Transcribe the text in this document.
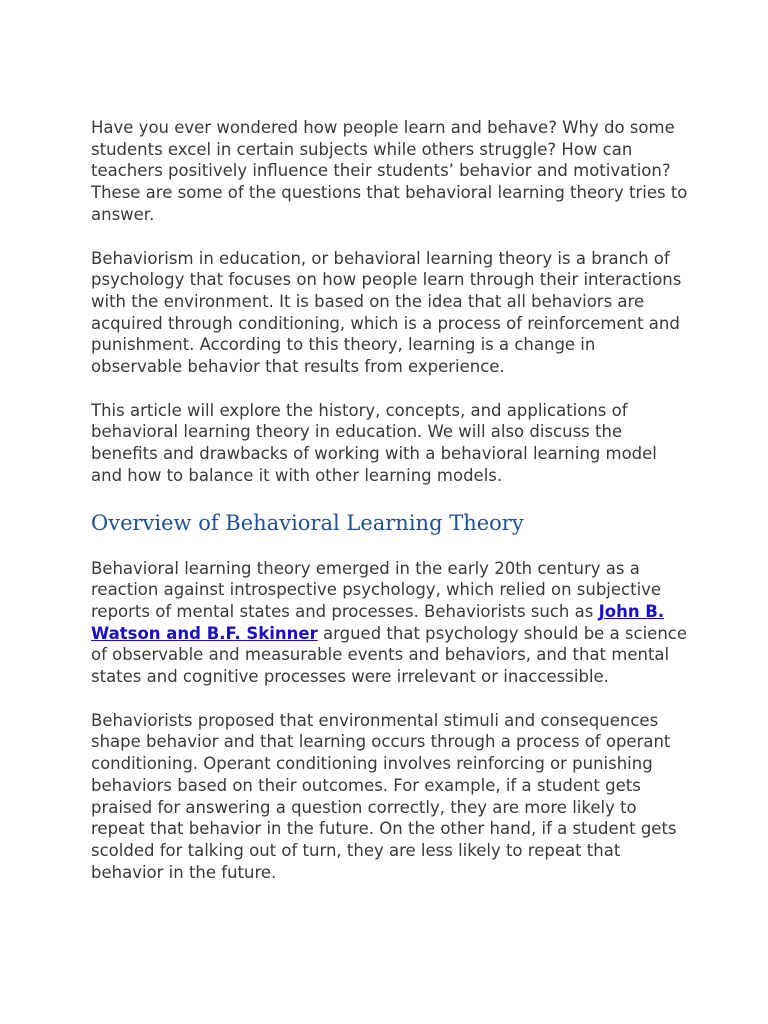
Have you ever wondered how people learn and behave? Why do some students excel in certain subjects while others struggle? How can teachers positively influence their students’ behavior and motivation? These are some of the questions that behavioral learning theory tries to answer.

Behaviorism in education, or behavioral learning theory is a branch of psychology that focuses on how people learn through their interactions with the environment. It is based on the idea that all behaviors are acquired through conditioning, which is a process of reinforcement and punishment. According to this theory, learning is a change in observable behavior that results from experience.

This article will explore the history, concepts, and applications of behavioral learning theory in education. We will also discuss the benefits and drawbacks of working with a behavioral learning model and how to balance it with other learning models.

Overview of Behavioral Learning Theory

Behavioral learning theory emerged in the early 20th century as a reaction against introspective psychology, which relied on subjective reports of mental states and processes. Behaviorists such as John B. Watson and B.F. Skinner argued that psychology should be a science of observable and measurable events and behaviors, and that mental states and cognitive processes were irrelevant or inaccessible.

Behaviorists proposed that environmental stimuli and consequences shape behavior and that learning occurs through a process of operant conditioning. Operant conditioning involves reinforcing or punishing behaviors based on their outcomes. For example, if a student gets praised for answering a question correctly, they are more likely to repeat that behavior in the future. On the other hand, if a student gets scolded for talking out of turn, they are less likely to repeat that behavior in the future.
